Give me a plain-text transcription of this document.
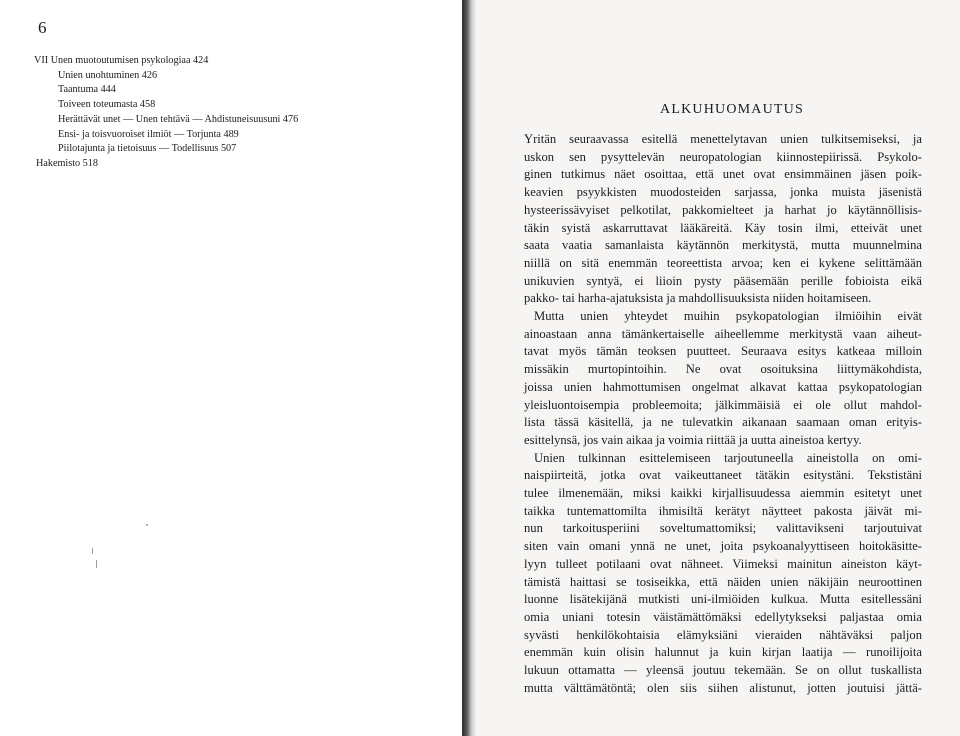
6
VII Unen muotoutumisen psykologiaa 424
Unien unohtuminen 426
Taantuma 444
Toiveen toteumasta 458
Herättävät unet — Unen tehtävä — Ahdistuneisuusuni 476
Ensi- ja toisvuoroiset ilmiöt — Torjunta 489
Piilotajunta ja tietoisuus — Todellisuus 507
Hakemisto 518
ALKUHUOMAUTUS
Yritän seuraavassa esitellä menettelytavan unien tulkitsemiseksi, ja
uskon sen pysyttelevän neuropatologian kiinnostepiirissä. Psykolo-
ginen tutkimus näet osoittaa, että unet ovat ensimmäinen jäsen poik-
keavien psyykkisten muodosteiden sarjassa, jonka muista jäsenistä
hysteerissävyiset pelkotilat, pakkomielteet ja harhat jo käytännöllisis-
täkin syistä askarruttavat lääkäreitä. Käy tosin ilmi, etteivät unet
saata vaatia samanlaista käytännön merkitystä, mutta muunnelmina
niillä on sitä enemmän teoreettista arvoa; ken ei kykene selittämään
unikuvien syntyä, ei liioin pysty pääsemään perille fobioista eikä
pakko- tai harha-ajatuksista ja mahdollisuuksista niiden hoitamiseen.
Mutta unien yhteydet muihin psykopatologian ilmiöihin eivät
ainoastaan anna tämänkertaiselle aiheellemme merkitystä vaan aiheut-
tavat myös tämän teoksen puutteet. Seuraava esitys katkeaa milloin
missäkin murtopintoihin. Ne ovat osoituksina liittymäkohdista,
joissa unien hahmottumisen ongelmat alkavat kattaa psykopatologian
yleisluontoisempia probleemoita; jälkimmäisiä ei ole ollut mahdol-
lista tässä käsitellä, ja ne tulevatkin aikanaan saamaan oman erityis-
esittelynsä, jos vain aikaa ja voimia riittää ja uutta aineistoa kertyy.
Unien tulkinnan esittelemiseen tarjoutuneella aineistolla on omi-
naispiirteitä, jotka ovat vaikeuttaneet tätäkin esitystäni. Tekstistäni
tulee ilmenemään, miksi kaikki kirjallisuudessa aiemmin esitetyt unet
taikka tuntemattomilta ihmisiltä kerätyt näytteet pakosta jäivät mi-
nun tarkoitusperiini soveltumattomiksi; valittavikseni tarjoutuivat
siten vain omani ynnä ne unet, joita psykoanalyyttiseen hoitokäsitte-
lyyn tulleet potilaani ovat nähneet. Viimeksi mainitun aineiston käyt-
tämistä haittasi se tosiseikka, että näiden unien näkijäin neuroottinen
luonne lisätekijänä mutkisti uni-ilmiöiden kulkua. Mutta esitellessäni
omia uniani totesin väistämättömäksi edellytykseksi paljastaa omia
syvästi henkilökohtaisia elämyksiäni vieraiden nähtäväksi paljon
enemmän kuin olisin halunnut ja kuin kirjan laatija — runoilijoita
lukuun ottamatta — yleensä joutuu tekemään. Se on ollut tuskallista
mutta välttämätöntä; olen siis siihen alistunut, jotten joutuisi jättä-
